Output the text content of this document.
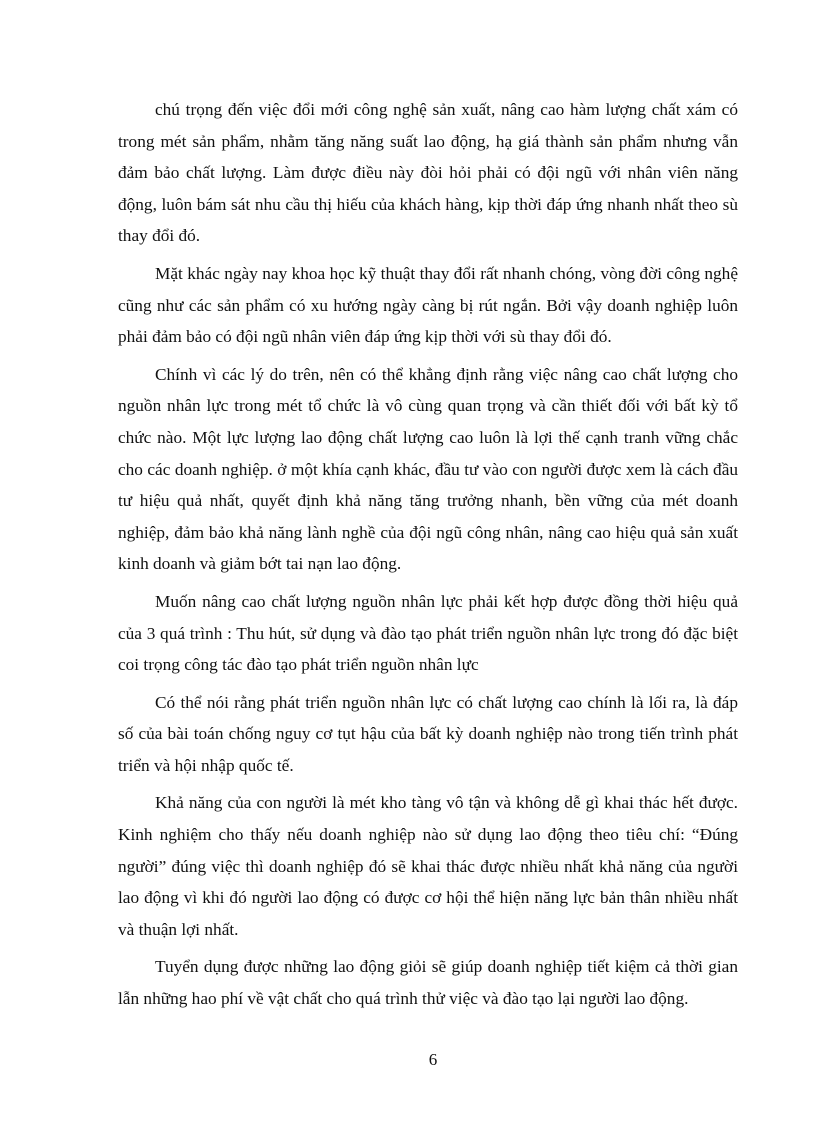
chú trọng đến việc đổi mới công nghệ sản xuất, nâng cao hàm lượng chất xám có trong mét sản phẩm, nhằm tăng năng suất lao động, hạ giá thành sản phẩm nhưng vẫn đảm bảo chất lượng. Làm được điều này đòi hỏi phải có đội ngũ với nhân viên năng động, luôn bám sát nhu cầu thị hiếu của khách hàng, kịp thời đáp ứng nhanh nhất theo sù thay đổi đó.

Mặt khác ngày nay khoa học kỹ thuật thay đổi rất nhanh chóng, vòng đời công nghệ cũng như các sản phẩm có xu hướng ngày càng bị rút ngắn. Bởi vậy doanh nghiệp luôn phải đảm bảo có đội ngũ nhân viên đáp ứng kịp thời với sù thay đổi đó.

Chính vì các lý do trên, nên có thể khẳng định rằng việc nâng cao chất lượng cho nguồn nhân lực trong mét tổ chức là vô cùng quan trọng và cần thiết đối với bất kỳ tổ chức nào. Một lực lượng lao động chất lượng cao luôn là lợi thế cạnh tranh vững chắc cho các doanh nghiệp. ở một khía cạnh khác, đầu tư vào con người được xem là cách đầu tư hiệu quả nhất, quyết định khả năng tăng trưởng nhanh, bền vững của mét doanh nghiệp, đảm bảo khả năng lành nghề của đội ngũ công nhân, nâng cao hiệu quả sản xuất kinh doanh và giảm bớt tai nạn lao động.

Muốn nâng cao chất lượng nguồn nhân lực phải kết hợp được đồng thời hiệu quả của 3 quá trình : Thu hút, sử dụng và đào tạo phát triển nguồn nhân lực trong đó đặc biệt coi trọng công tác đào tạo phát triển nguồn nhân lực

Có thể nói rằng phát triển nguồn nhân lực có chất lượng cao chính là lối ra, là đáp số của bài toán chống nguy cơ tụt hậu của bất kỳ doanh nghiệp nào trong tiến trình phát triển và hội nhập quốc tế.

Khả năng của con người là mét kho tàng vô tận và không dễ gì khai thác hết được. Kinh nghiệm cho thấy nếu doanh nghiệp nào sử dụng lao động theo tiêu chí: “Đúng người” đúng việc thì doanh nghiệp đó sẽ khai thác được nhiều nhất khả năng của người lao động vì khi đó người lao động có được cơ hội thể hiện năng lực bản thân nhiều nhất và thuận lợi nhất.

Tuyển dụng được những lao động giỏi sẽ giúp doanh nghiệp tiết kiệm cả thời gian lẫn những hao phí về vật chất cho quá trình thử việc và đào tạo lại người lao động.

6
